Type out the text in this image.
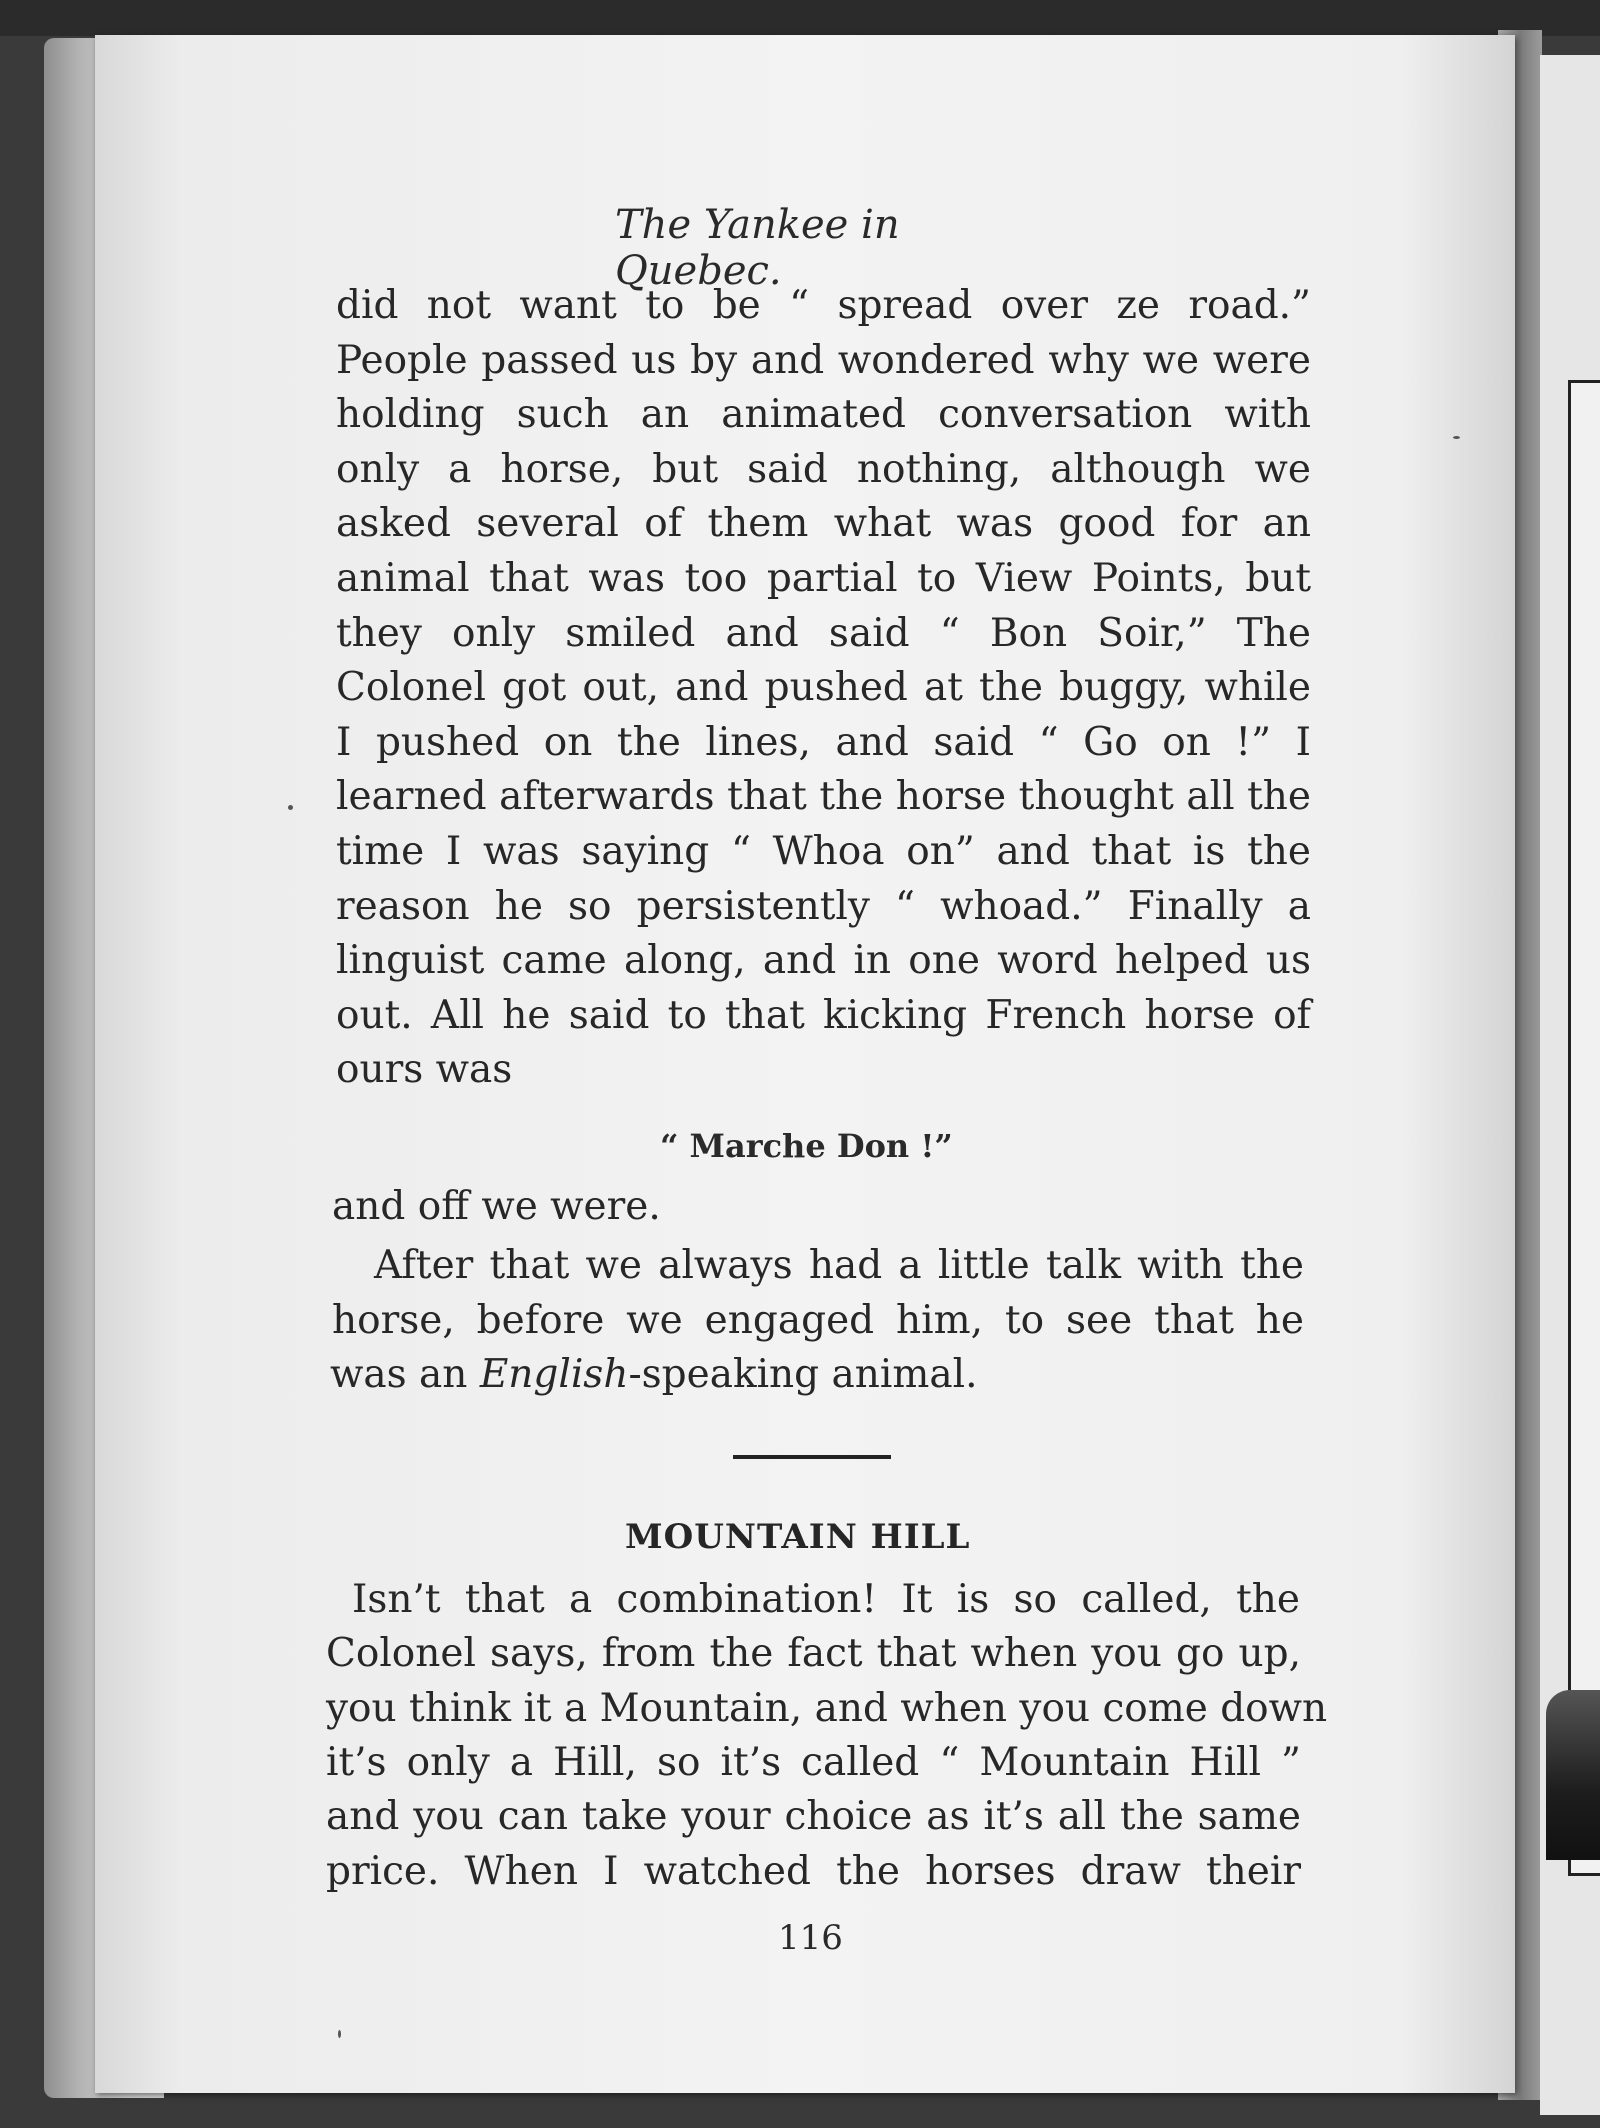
The Yankee in Quebec.
did not want to be “ spread over ze road.”
People passed us by and wondered why we were
holding such an animated conversation with
only a horse, but said nothing, although we
asked several of them what was good for an
animal that was too partial to View Points, but
they only smiled and said “ Bon Soir,” The
Colonel got out, and pushed at the buggy, while
I pushed on the lines, and said “ Go on !” I
learned afterwards that the horse thought all the
time I was saying “ Whoa on” and that is the
reason he so persistently “ whoad.” Finally a
linguist came along, and in one word helped us
out. All he said to that kicking French horse of
ours was
“ Marche Don !”
and off we were.
After that we always had a little talk with the
horse, before we engaged him, to see that he
was an English-speaking animal.
MOUNTAIN HILL
Isn’t that a combination! It is so called, the
Colonel says, from the fact that when you go up,
you think it a Mountain, and when you come down
it’s only a Hill, so it’s called “ Mountain Hill ”
and you can take your choice as it’s all the same
price. When I watched the horses draw their
116
